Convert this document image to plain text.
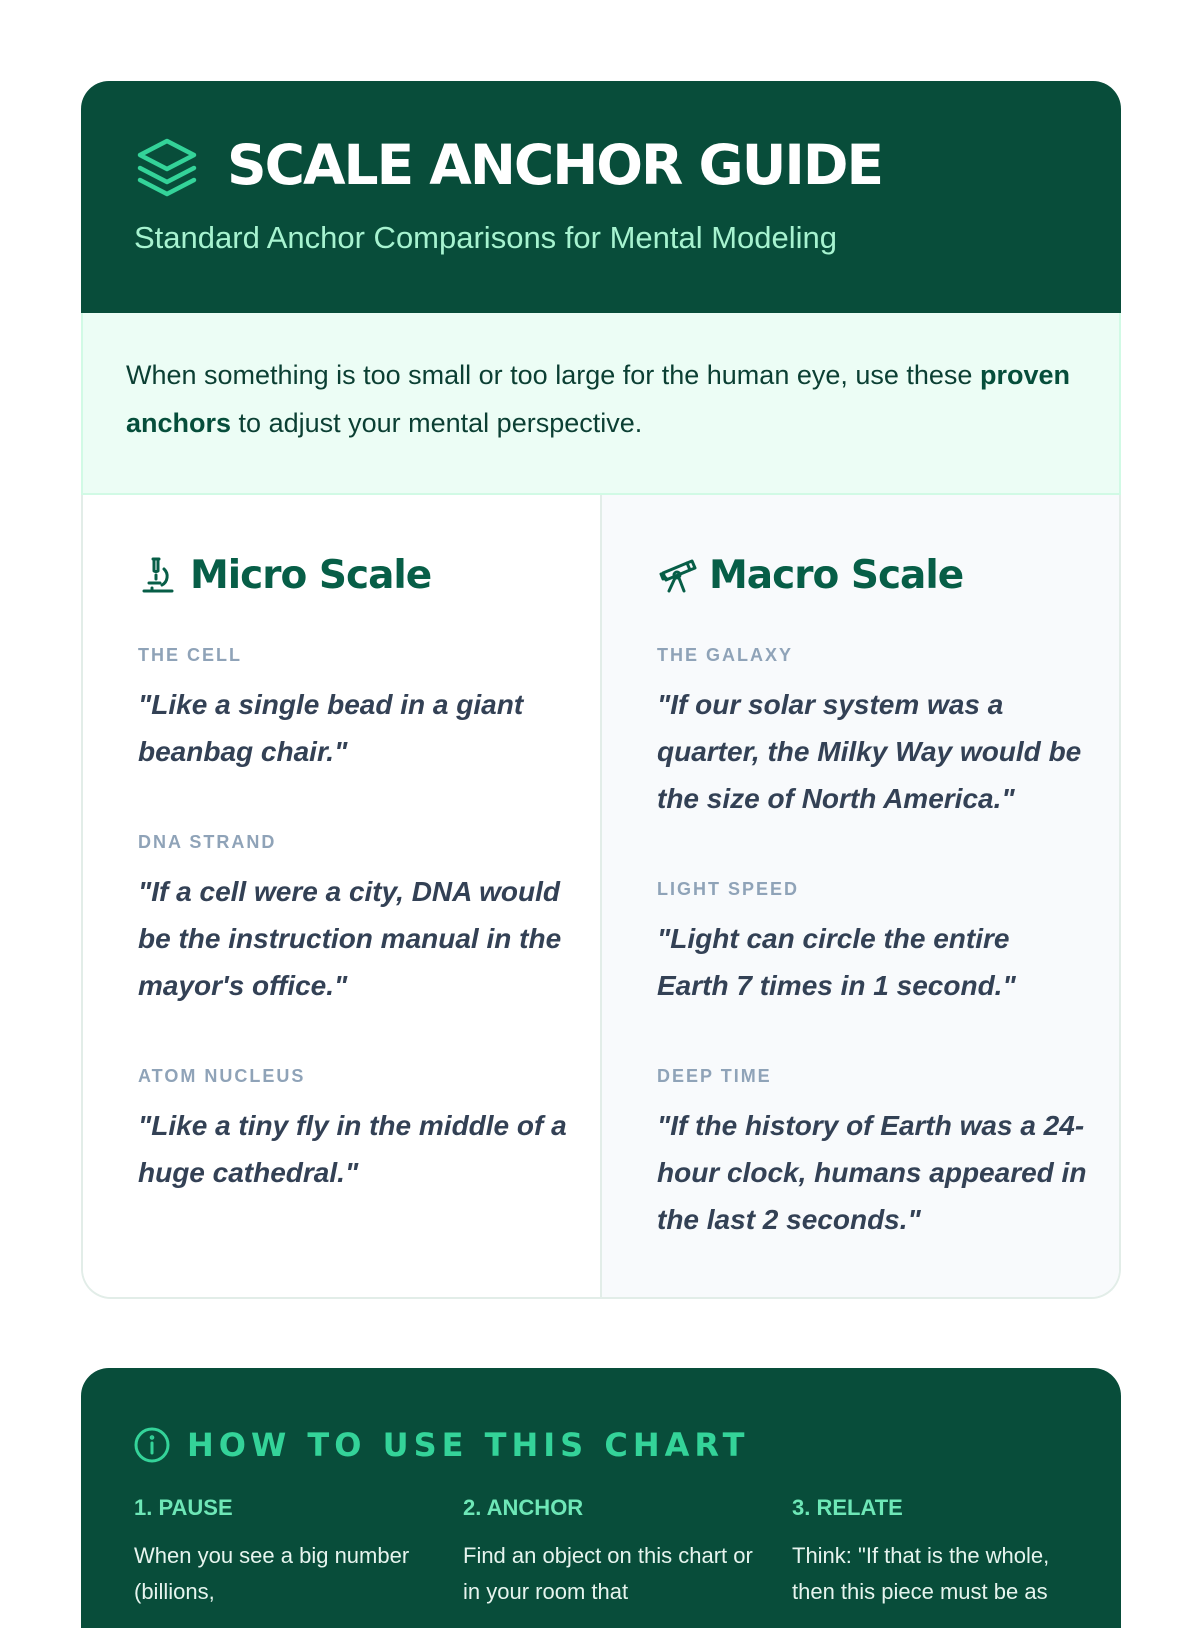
SCALE ANCHOR GUIDE
Standard Anchor Comparisons for Mental Modeling
When something is too small or too large for the human eye, use these proven anchors to adjust your mental perspective.
Micro Scale
THE CELL
"Like a single bead in a giant beanbag chair."
DNA STRAND
"If a cell were a city, DNA would be the instruction manual in the mayor's office."
ATOM NUCLEUS
"Like a tiny fly in the middle of a huge cathedral."
Macro Scale
THE GALAXY
"If our solar system was a quarter, the Milky Way would be the size of North America."
LIGHT SPEED
"Light can circle the entire Earth 7 times in 1 second."
DEEP TIME
"If the history of Earth was a 24-hour clock, humans appeared in the last 2 seconds."
HOW TO USE THIS CHART
1. PAUSE
When you see a big number (billions,
2. ANCHOR
Find an object on this chart or in your room that
3. RELATE
Think: "If that is the whole, then this piece must be as
